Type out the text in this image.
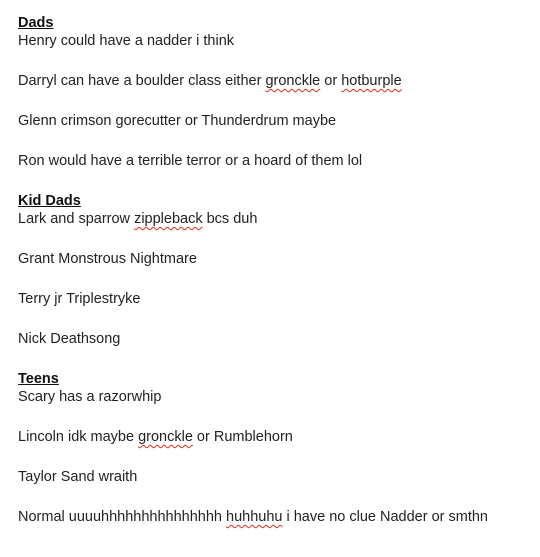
Dads
Henry could have a nadder i think
Darryl can have a boulder class either gronckle or hotburple
Glenn crimson gorecutter or Thunderdrum maybe
Ron would have a terrible terror or a hoard of them lol
Kid Dads
Lark and sparrow zippleback bcs duh
Grant Monstrous Nightmare
Terry jr Triplestryke
Nick Deathsong
Teens
Scary has a razorwhip
Lincoln idk maybe gronckle or Rumblehorn
Taylor Sand wraith
Normal uuuuhhhhhhhhhhhhhhh huhhuhu i have no clue Nadder or smthn
